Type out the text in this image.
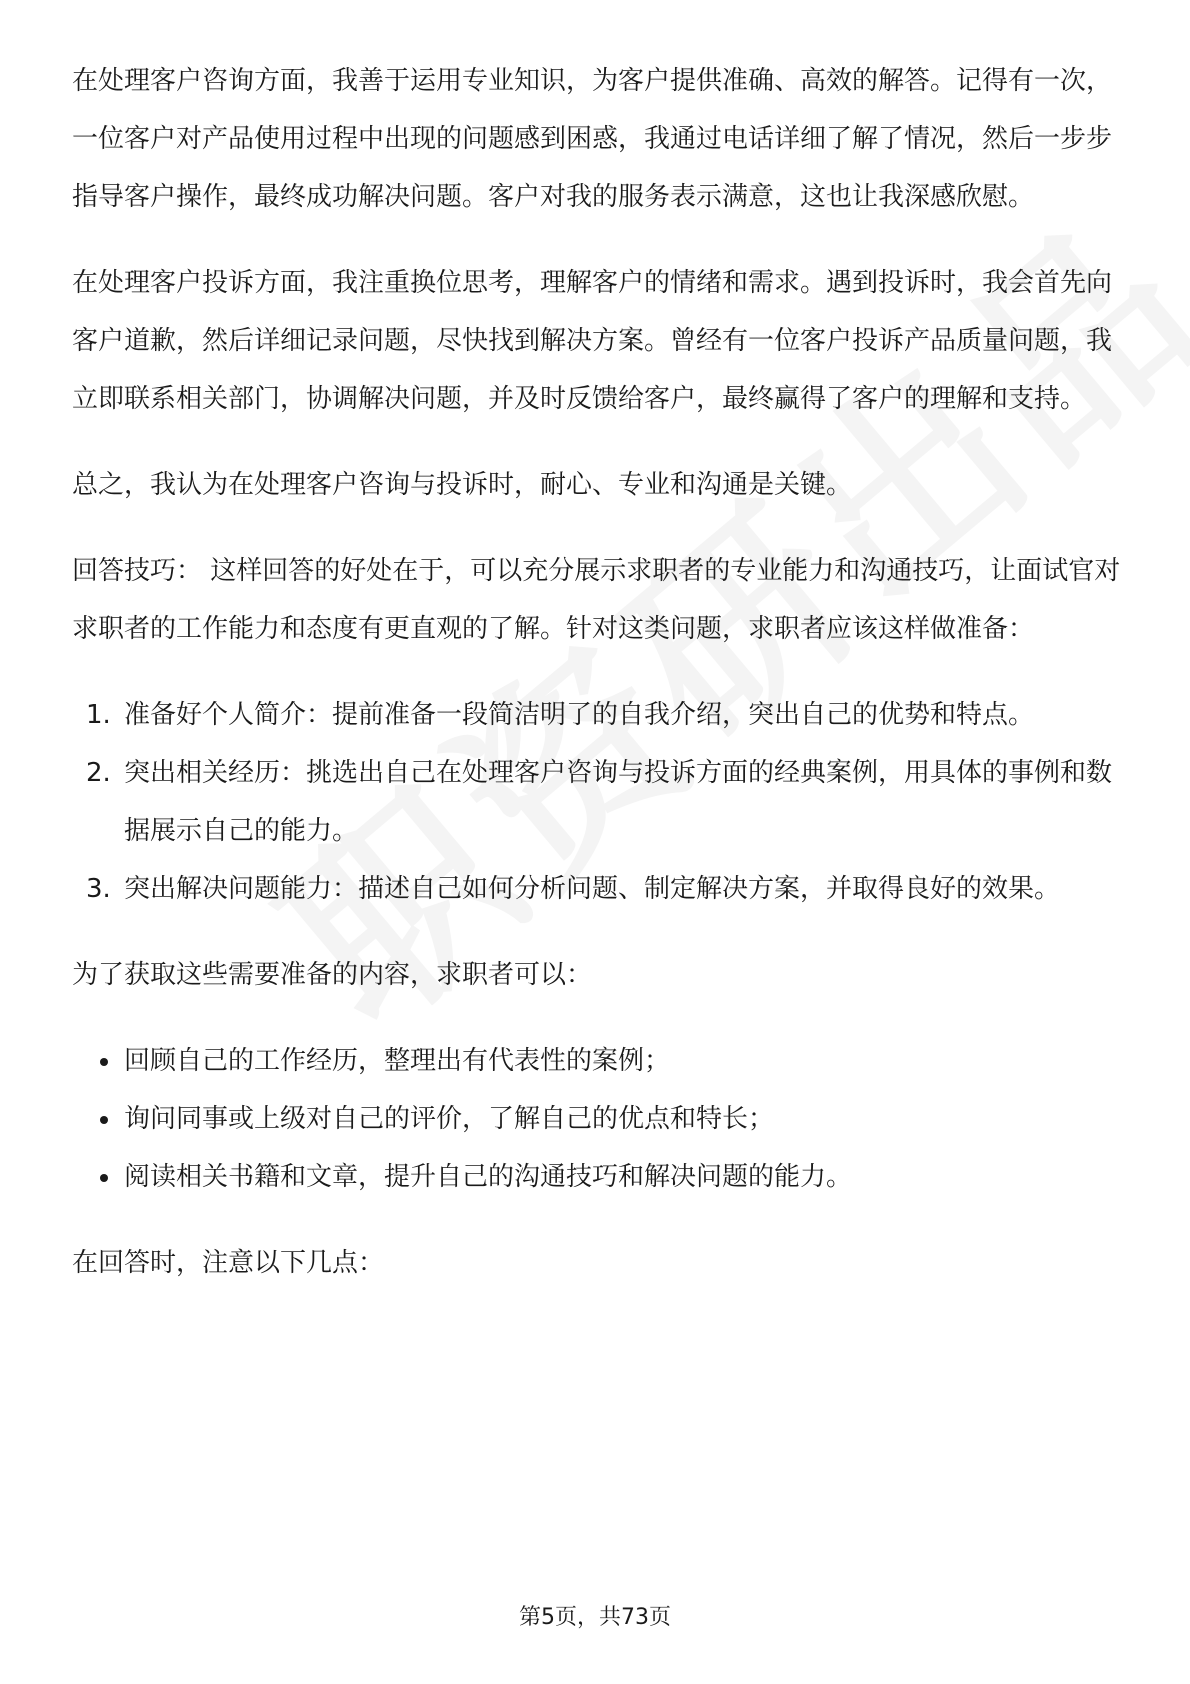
在处理客户咨询方面，我善于运用专业知识，为客户提供准确、高效的解答。记得有一次，一位客户对产品使用过程中出现的问题感到困惑，我通过电话详细了解了情况，然后一步步指导客户操作，最终成功解决问题。客户对我的服务表示满意，这也让我深感欣慰。

在处理客户投诉方面，我注重换位思考，理解客户的情绪和需求。遇到投诉时，我会首先向客户道歉，然后详细记录问题，尽快找到解决方案。曾经有一位客户投诉产品质量问题，我立即联系相关部门，协调解决问题，并及时反馈给客户，最终赢得了客户的理解和支持。

总之，我认为在处理客户咨询与投诉时，耐心、专业和沟通是关键。

回答技巧： 这样回答的好处在于，可以充分展示求职者的专业能力和沟通技巧，让面试官对求职者的工作能力和态度有更直观的了解。针对这类问题，求职者应该这样做准备：

1. 准备好个人简介：提前准备一段简洁明了的自我介绍，突出自己的优势和特点。
2. 突出相关经历：挑选出自己在处理客户咨询与投诉方面的经典案例，用具体的事例和数据展示自己的能力。
3. 突出解决问题能力：描述自己如何分析问题、制定解决方案，并取得良好的效果。

为了获取这些需要准备的内容，求职者可以：

回顾自己的工作经历，整理出有代表性的案例；
询问同事或上级对自己的评价，了解自己的优点和特长；
阅读相关书籍和文章，提升自己的沟通技巧和解决问题的能力。

在回答时，注意以下几点：

第5页，共73页
